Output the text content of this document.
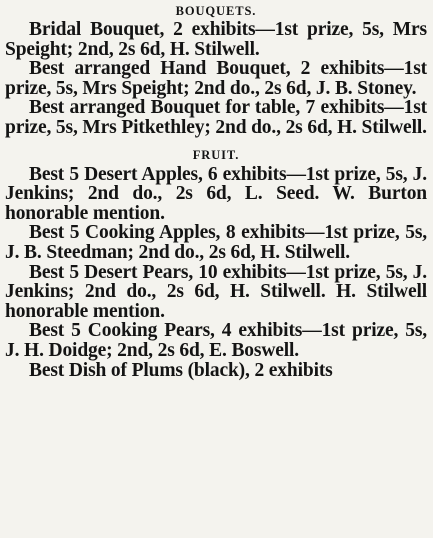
BOUQUETS.

Bridal Bouquet, 2 exhibits—1st prize, 5s, Mrs Speight; 2nd, 2s 6d, H. Stilwell.

Best arranged Hand Bouquet, 2 exhibits—1st prize, 5s, Mrs Speight; 2nd do., 2s 6d, J. B. Stoney.

Best arranged Bouquet for table, 7 exhibits—1st prize, 5s, Mrs Pitkethley; 2nd do., 2s 6d, H. Stilwell.

FRUIT.

Best 5 Desert Apples, 6 exhibits—1st prize, 5s, J. Jenkins; 2nd do., 2s 6d, L. Seed. W. Burton honorable mention.

Best 5 Cooking Apples, 8 exhibits—1st prize, 5s, J. B. Steedman; 2nd do., 2s 6d, H. Stilwell.

Best 5 Desert Pears, 10 exhibits—1st prize, 5s, J. Jenkins; 2nd do., 2s 6d, H. Stilwell. H. Stilwell honorable mention.

Best 5 Cooking Pears, 4 exhibits—1st prize, 5s, J. H. Doidge; 2nd, 2s 6d, E. Boswell.

Best Dish of Plums (black), 2 exhibits
